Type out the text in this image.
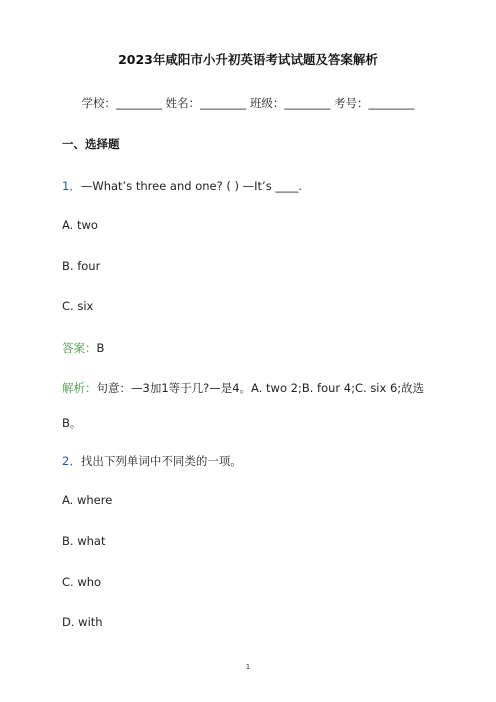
2023年咸阳市小升初英语考试试题及答案解析
学校：________ 姓名：________ 班级：________ 考号：________
一、选择题
1．—What’s three and one? ( ) —It’s ____.
A. two
B. four
C. six
答案：B
解析：句意：—3加1等于几?—是4。A. two 2;B. four 4;C. six 6;故选
B。
2．找出下列单词中不同类的一项。
A. where
B. what
C. who
D. with
1
